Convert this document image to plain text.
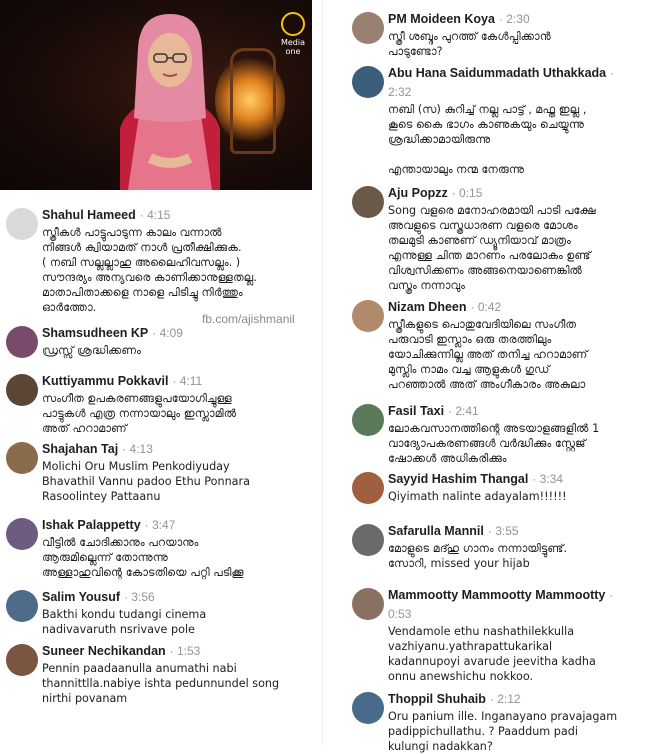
Media one
fb.com/ajishmanil
Shahul Hameed · 4:15
സ്ത്രീകൾ പാട്ടുപാടുന്ന കാലം വന്നാൽ
നിങ്ങൾ ക്വിയാമത് നാൾ പ്രതീക്ഷിക്കുക.
( നബി സല്ലല്ലാഹു അലൈഹിവസല്ലം. )
സൗന്ദര്യം അന്യവരെ കാണിക്കാനുള്ളതല്ല.
മാതാപിതാക്കളെ നാളെ പിടിച്ചു നിർത്തും
ഓർത്തോ.
Shamsudheen KP · 4:09
ഡ്രസ്സ് ശ്രദ്ധിക്കണം
Kuttiyammu Pokkavil · 4:11
സംഗീത ഉപകരണങ്ങളുപയോഗിച്ചുള്ള
പാട്ടുകൾ എത്ര നന്നായാലും ഇസ്ലാമിൽ
അത് ഹറാമാണ്
Shajahan Taj · 4:13
Molichi Oru Muslim Penkodiyuday
Bhavathil Vannu padoo Ethu Ponnara
Rasoolintey Pattaanu
Ishak Palappetty · 3:47
വീട്ടിൽ ചോദിക്കാനും പറയാനും
ആരുമില്ലെന്ന് തോന്നുന്നു
അള്ളാഹുവിന്റെ കോടതിയെ പറ്റി പടിക്കൂ
Salim Yousuf · 3:56
Bakthi kondu tudangi cinema
nadivavaruth nsrivave pole
Suneer Nechikandan · 1:53
Pennin paadaanulla anumathi nabi
thannittlla.nabiye ishta pedunnundel song
nirthi povanam
PM Moideen Koya · 2:30
സ്ത്രീ ശബ്ദം പുറത്ത് കേൾപ്പിക്കാൻ
പാടുണ്ടോ?
Abu Hana Saidummadath Uthakkada ·
2:32
നബി (സ) കുറിച്ച് നല്ല പാട്ട് , മഫ്ത ഇല്ല ,
കൂടെ കൈ ഭാഗം കാണുകയും ചെയ്യുന്നു
ശ്രദ്ധിക്കാമായിരുന്നു

എന്തായാലും നന്മ നേരുന്നു
Aju Popzz · 0:15
Song വളരെ മനോഹരമായി പാടി പക്ഷേ
അവളുടെ വസ്ത്രധാരണ വളരെ മോശം
തലമുടി കാണുണ് ഡ്യൂനിയാവ് മാത്രം
എന്നുള്ള ചിന്ത മാറണം പരലോകം ഉണ്ട്
വിശ്വസിക്കണം അങ്ങനെയാണെങ്കിൽ
വസ്ത്രം നന്നാവും
Nizam Dheen · 0:42
സ്ത്രീകളുടെ പൊതുവേദിയിലെ സംഗീത
പരുവാടി ഇസ്ലാം ഒരു തരത്തിലും
യോചിക്കുന്നില്ല അത് തനിച്ച ഹറാമാണ്
മുസ്ലിം നാമം വച്ച ആളുകൾ ഗുഡ്
പറഞ്ഞാൽ അത് അംഗീകാരം അകുലാ
Fasil Taxi · 2:41
ലോകവസാനത്തിന്റെ അടയാളങ്ങളിൽ 1
വാദ്യോപകരണങ്ങൾ വർദ്ധിക്കും സ്റ്റേജ്
ഷോക്കൾ അധികരിക്കും
Sayyid Hashim Thangal · 3:34
Qiyimath nalinte adayalam!!!!!!
Safarulla Mannil · 3:55
മോളുടെ മദ്ഹു ഗാനം നന്നായിട്ടുണ്ട്.
സോറി, missed your hijab
Mammootty Mammootty Mammootty ·
0:53
Vendamole ethu nashathilekkulla
vazhiyanu.yathrapattukarikal
kadannupoyi avarude jeevitha kadha
onnu anewshichu nokkoo.
Thoppil Shuhaib · 2:12
Oru panium ille. Inganayano pravajagam
padippichullathu. ? Paaddum padi
kulungi nadakkan?
